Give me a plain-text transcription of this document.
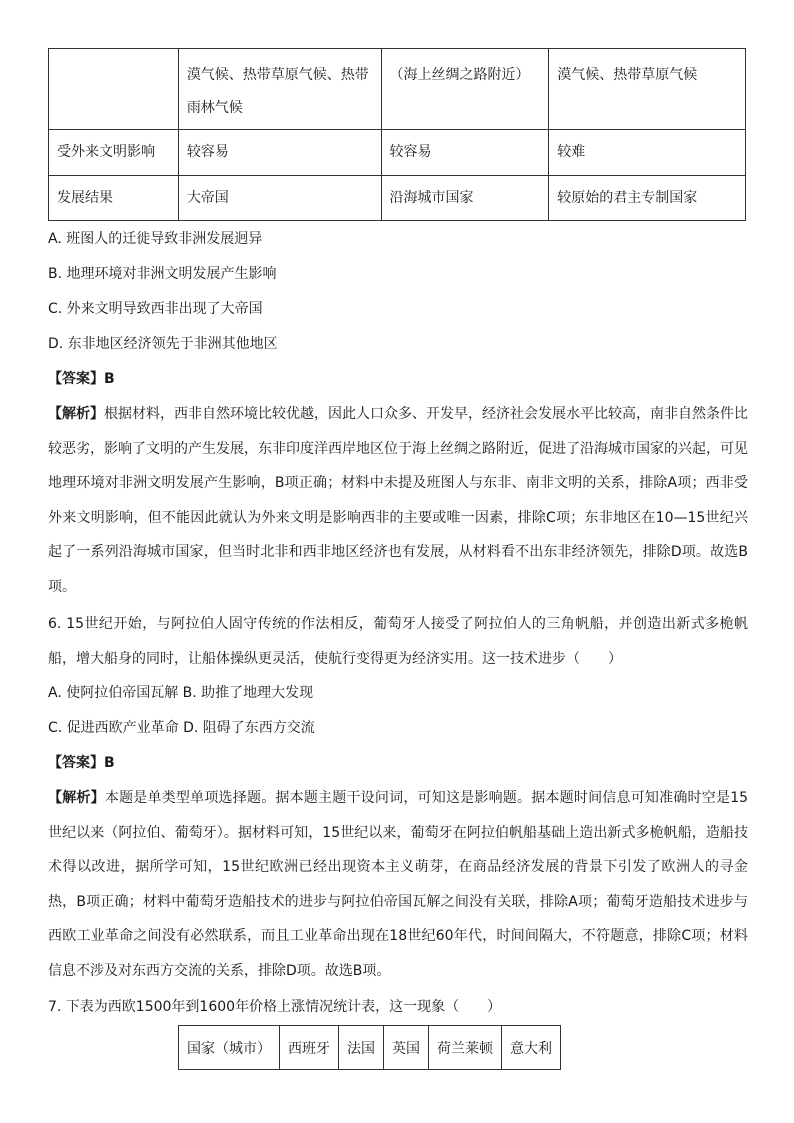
	漠气候、热带草原气候、热带雨林气候	（海上丝绸之路附近）	漠气候、热带草原气候
受外来文明影响	较容易	较容易	较难
发展结果	大帝国	沿海城市国家	较原始的君主专制国家
A. 班图人的迁徙导致非洲发展迥异
B. 地理环境对非洲文明发展产生影响
C. 外来文明导致西非出现了大帝国
D. 东非地区经济领先于非洲其他地区
【答案】B
【解析】根据材料，西非自然环境比较优越，因此人口众多、开发早，经济社会发展水平比较高，南非自然条件比较恶劣，影响了文明的产生发展，东非印度洋西岸地区位于海上丝绸之路附近，促进了沿海城市国家的兴起，可见地理环境对非洲文明发展产生影响，B项正确；材料中未提及班图人与东非、南非文明的关系，排除A项；西非受外来文明影响，但不能因此就认为外来文明是影响西非的主要或唯一因素，排除C项；东非地区在10—15世纪兴起了一系列沿海城市国家，但当时北非和西非地区经济也有发展，从材料看不出东非经济领先，排除D项。故选B项。
6. 15世纪开始，与阿拉伯人固守传统的作法相反，葡萄牙人接受了阿拉伯人的三角帆船，并创造出新式多桅帆船，增大船身的同时，让船体操纵更灵活，使航行变得更为经济实用。这一技术进步（　　）
A. 使阿拉伯帝国瓦解 B. 助推了地理大发现
C. 促进西欧产业革命 D. 阻碍了东西方交流
【答案】B
【解析】本题是单类型单项选择题。据本题主题干设问词，可知这是影响题。据本题时间信息可知准确时空是15世纪以来（阿拉伯、葡萄牙）。据材料可知，15世纪以来，葡萄牙在阿拉伯帆船基础上造出新式多桅帆船，造船技术得以改进，据所学可知，15世纪欧洲已经出现资本主义萌芽，在商品经济发展的背景下引发了欧洲人的寻金热，B项正确；材料中葡萄牙造船技术的进步与阿拉伯帝国瓦解之间没有关联，排除A项；葡萄牙造船技术进步与西欧工业革命之间没有必然联系，而且工业革命出现在18世纪60年代，时间间隔大，不符题意，排除C项；材料信息不涉及对东西方交流的关系，排除D项。故选B项。
7. 下表为西欧1500年到1600年价格上涨情况统计表，这一现象（　　）
国家（城市）	西班牙	法国	英国	荷兰莱顿	意大利
